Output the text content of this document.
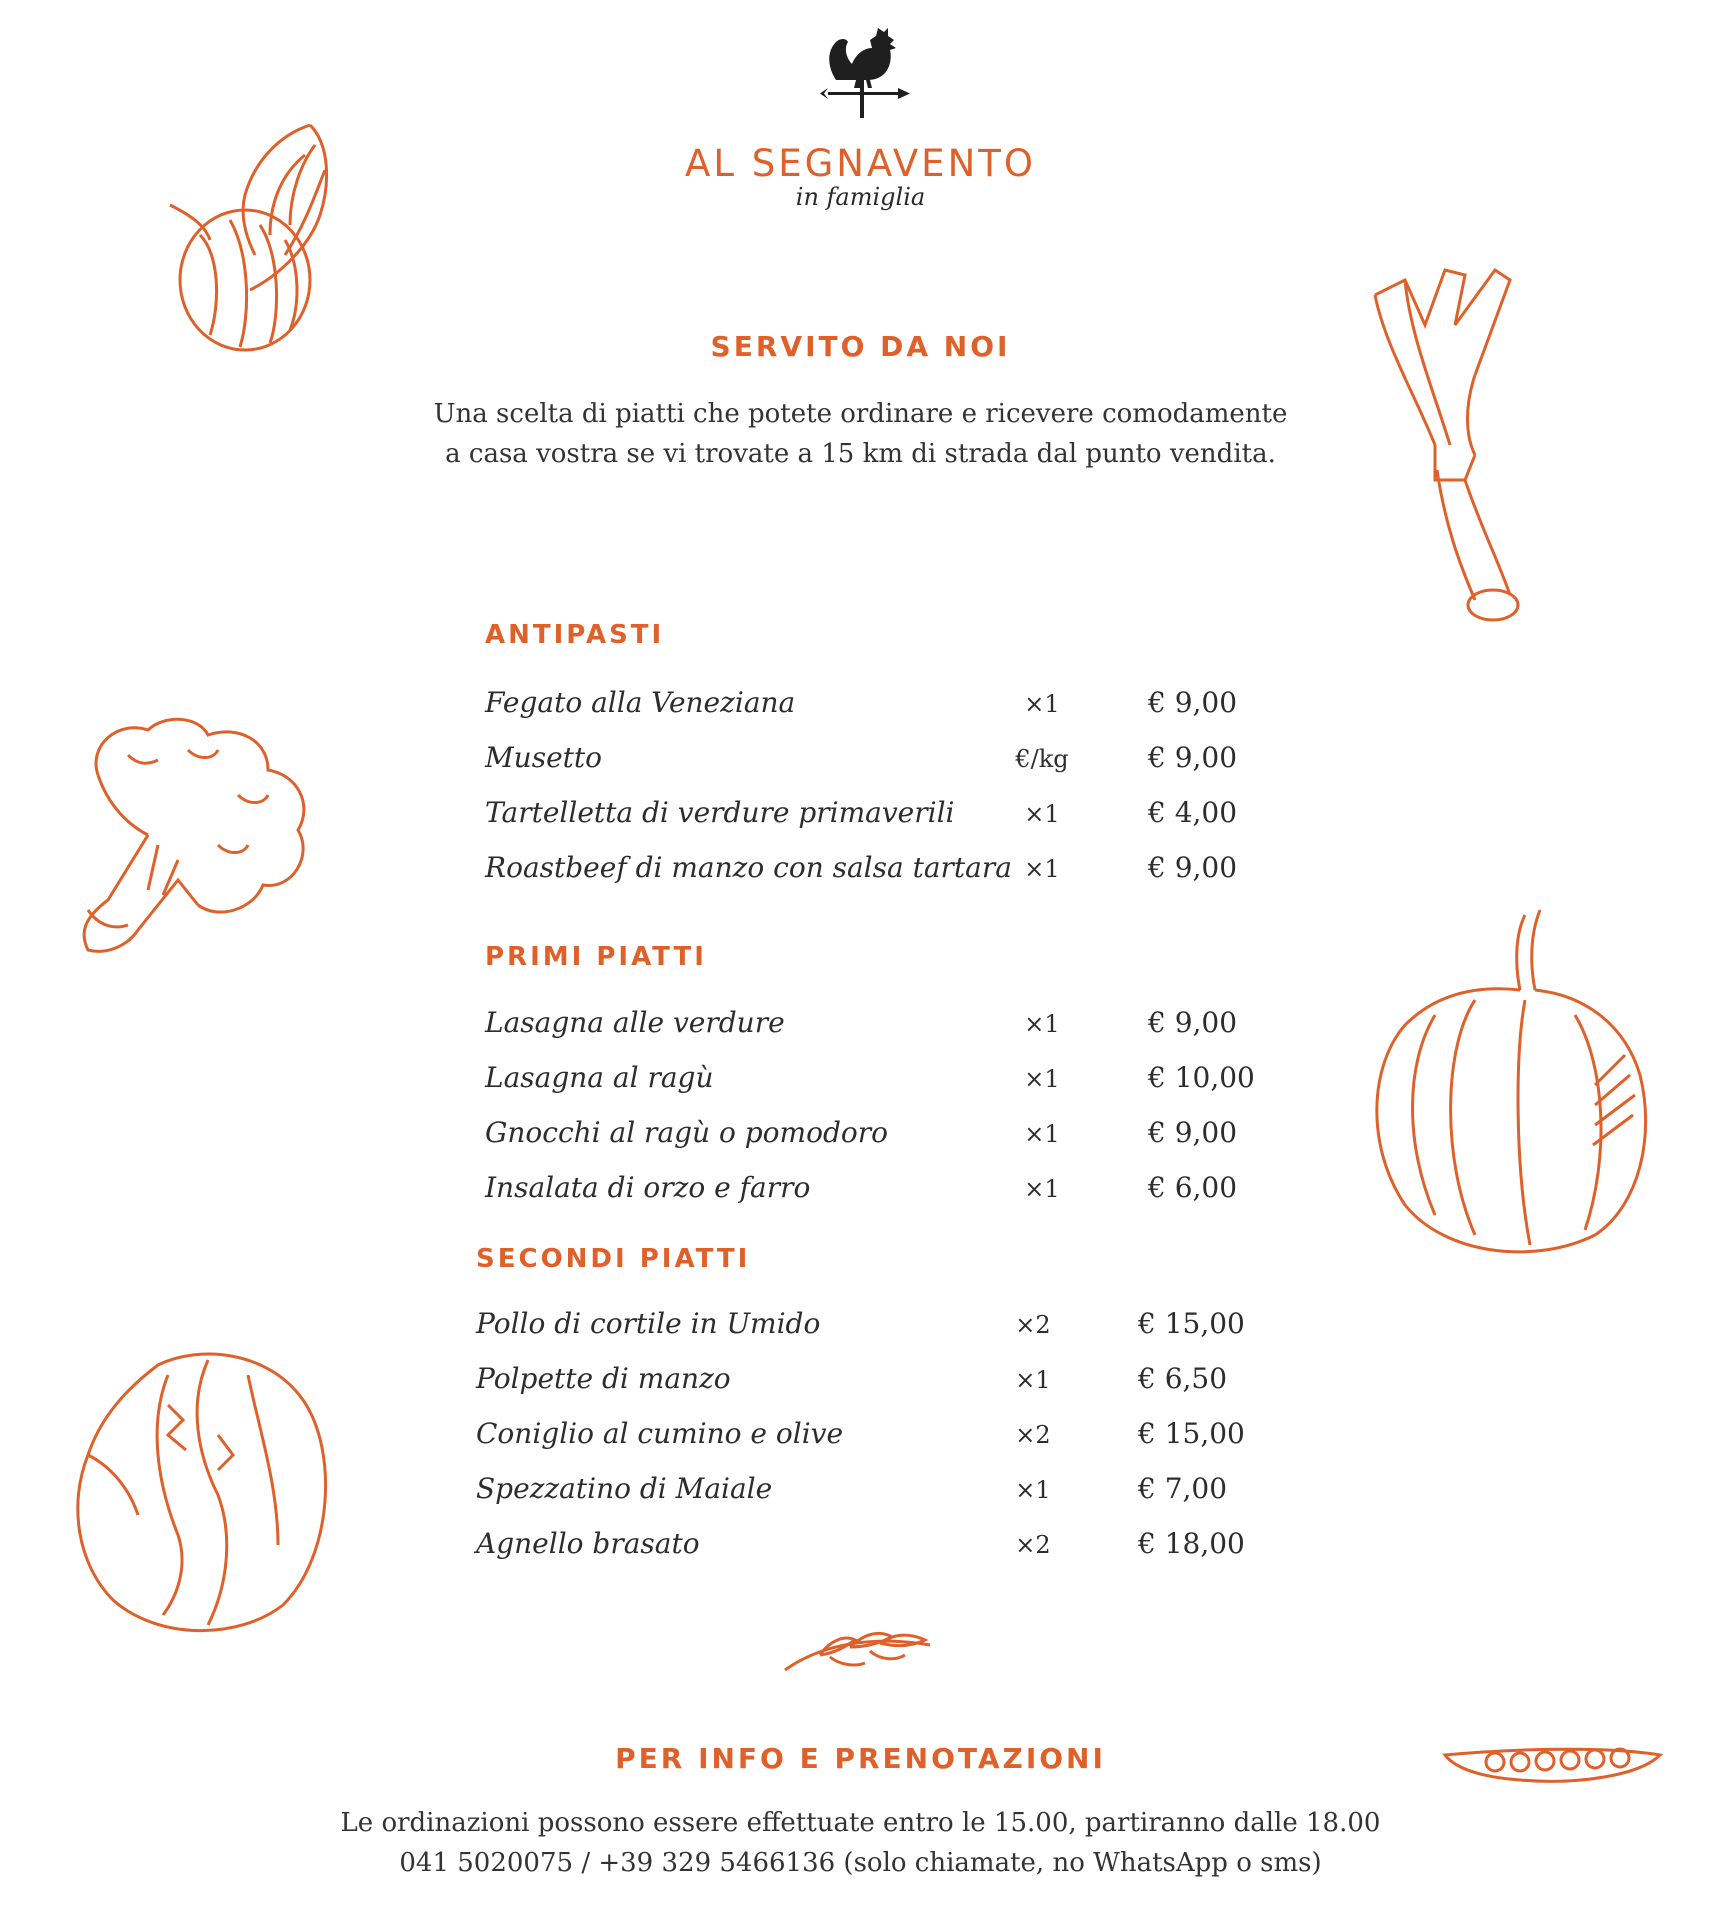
AL SEGNAVENTO
in famiglia
SERVITO DA NOI
Una scelta di piatti che potete ordinare e ricevere comodamente
a casa vostra se vi trovate a 15 km di strada dal punto vendita.
ANTIPASTI
Fegato alla Veneziana	×1	€ 9,00
Musetto	€/kg	€ 9,00
Tartelletta di verdure primaverili	×1	€ 4,00
Roastbeef di manzo con salsa tartara ×1	€ 9,00
PRIMI PIATTI
Lasagna alle verdure	×1	€ 9,00
Lasagna al ragù	×1	€ 10,00
Gnocchi al ragù o pomodoro	×1	€ 9,00
Insalata di orzo e farro	×1	€ 6,00
SECONDI PIATTI
Pollo di cortile in Umido	×2	€ 15,00
Polpette di manzo	×1	€ 6,50
Coniglio al cumino e olive	×2	€ 15,00
Spezzatino di Maiale	×1	€ 7,00
Agnello brasato	×2	€ 18,00
PER INFO E PRENOTAZIONI
Le ordinazioni possono essere effettuate entro le 15.00, partiranno dalle 18.00
041 5020075 / +39 329 5466136 (solo chiamate, no WhatsApp o sms)
